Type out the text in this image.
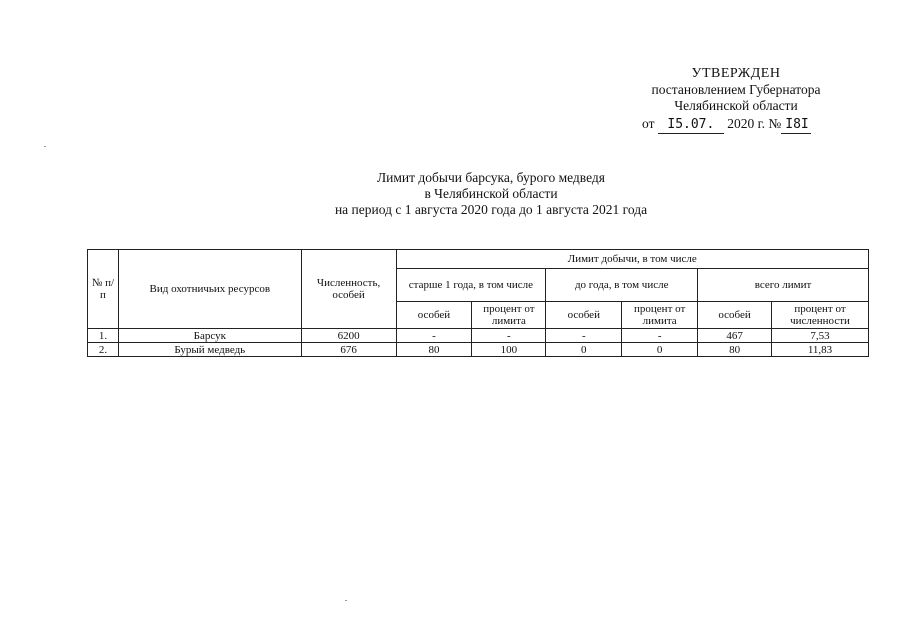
УТВЕРЖДЕН
постановлением Губернатора
Челябинской области
от I5.07. 2020 г. № I8I
Лимит добычи барсука, бурого медведя
в Челябинской области
на период с 1 августа 2020 года до 1 августа 2021 года
№ п/п	Вид охотничьих ресурсов	Численность, особей	Лимит добычи, в том числе					
			старше 1 года, в том числе		до года, в том числе		всего лимит	
			особей	процент от лимита	особей	процент от лимита	особей	процент от численности
1.	Барсук	6200	-	-	-	-	467	7,53
2.	Бурый медведь	676	80	100	0	0	80	11,83
